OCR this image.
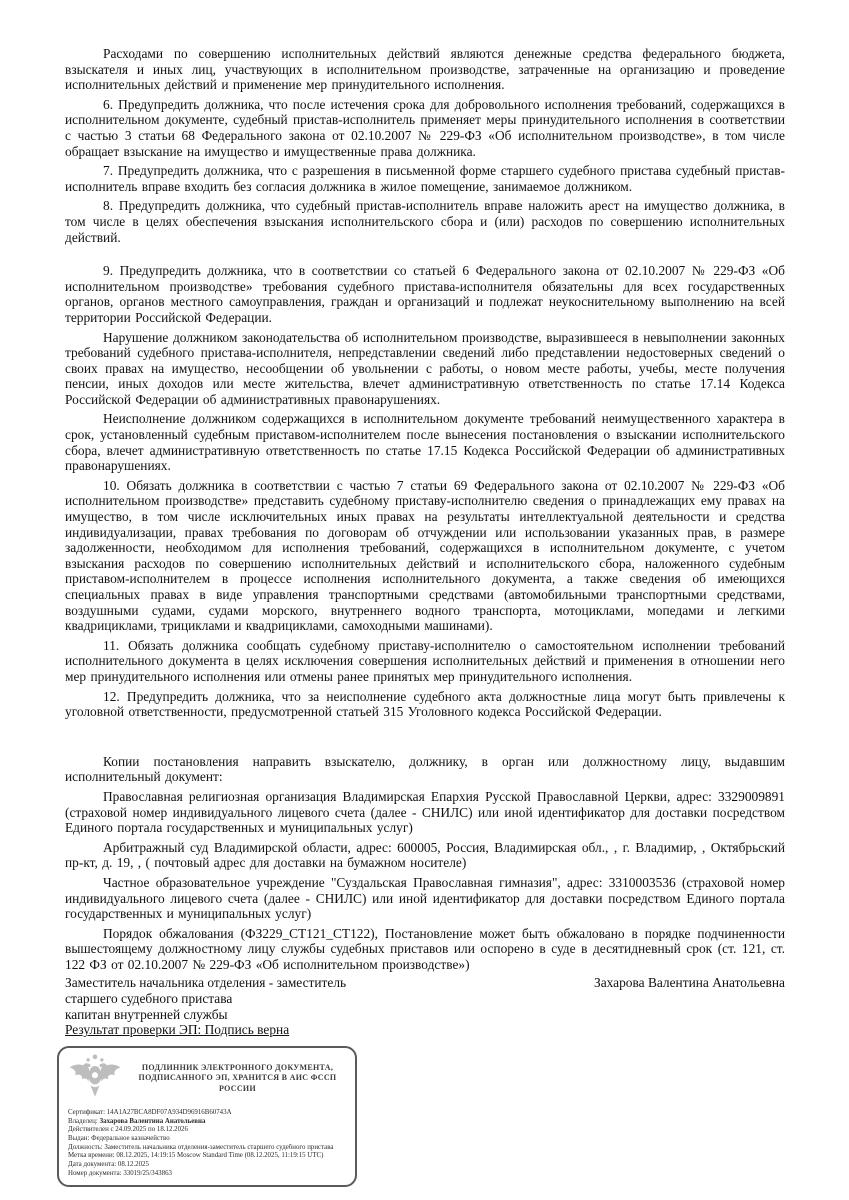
Расходами по совершению исполнительных действий являются денежные средства федерального бюджета, взыскателя и иных лиц, участвующих в исполнительном производстве, затраченные на организацию и проведение исполнительных действий и применение мер принудительного исполнения.

6. Предупредить должника, что после истечения срока для добровольного исполнения требований, содержащихся в исполнительном документе, судебный пристав-исполнитель применяет меры принудительного исполнения в соответствии с частью 3 статьи 68 Федерального закона от 02.10.2007 № 229-ФЗ «Об исполнительном производстве», в том числе обращает взыскание на имущество и имущественные права должника.

7. Предупредить должника, что с разрешения в письменной форме старшего судебного пристава судебный пристав-исполнитель вправе входить без согласия должника в жилое помещение, занимаемое должником.

8. Предупредить должника, что судебный пристав-исполнитель вправе наложить арест на имущество должника, в том числе в целях обеспечения взыскания исполнительского сбора и (или) расходов по совершению исполнительных действий.

9. Предупредить должника, что в соответствии со статьей 6 Федерального закона от 02.10.2007 № 229-ФЗ «Об исполнительном производстве» требования судебного пристава-исполнителя обязательны для всех государственных органов, органов местного самоуправления, граждан и организаций и подлежат неукоснительному выполнению на всей территории Российской Федерации.

Нарушение должником законодательства об исполнительном производстве, выразившееся в невыполнении законных требований судебного пристава-исполнителя, непредставлении сведений либо представлении недостоверных сведений о своих правах на имущество, несообщении об увольнении с работы, о новом месте работы, учебы, месте получения пенсии, иных доходов или месте жительства, влечет административную ответственность по статье 17.14 Кодекса Российской Федерации об административных правонарушениях.

Неисполнение должником содержащихся в исполнительном документе требований неимущественного характера в срок, установленный судебным приставом-исполнителем после вынесения постановления о взыскании исполнительского сбора, влечет административную ответственность по статье 17.15 Кодекса Российской Федерации об административных правонарушениях.

10. Обязать должника в соответствии с частью 7 статьи 69 Федерального закона от 02.10.2007 № 229-ФЗ «Об исполнительном производстве» представить судебному приставу-исполнителю сведения о принадлежащих ему правах на имущество, в том числе исключительных иных правах на результаты интеллектуальной деятельности и средства индивидуализации, правах требования по договорам об отчуждении или использовании указанных прав, в размере задолженности, необходимом для исполнения требований, содержащихся в исполнительном документе, с учетом взыскания расходов по совершению исполнительных действий и исполнительского сбора, наложенного судебным приставом-исполнителем в процессе исполнения исполнительного документа, а также сведения об имеющихся специальных правах в виде управления транспортными средствами (автомобильными транспортными средствами, воздушными судами, судами морского, внутреннего водного транспорта, мотоциклами, мопедами и легкими квадрициклами, трициклами и квадрициклами, самоходными машинами).

11. Обязать должника сообщать судебному приставу-исполнителю о самостоятельном исполнении требований исполнительного документа в целях исключения совершения исполнительных действий и применения в отношении него мер принудительного исполнения или отмены ранее принятых мер принудительного исполнения.

12. Предупредить должника, что за неисполнение судебного акта должностные лица могут быть привлечены к уголовной ответственности, предусмотренной статьей 315 Уголовного кодекса Российской Федерации.

Копии постановления направить взыскателю, должнику, в орган или должностному лицу, выдавшим исполнительный документ:

Православная религиозная организация Владимирская Епархия Русской Православной Церкви, адрес: 3329009891 (страховой номер индивидуального лицевого счета (далее - СНИЛС) или иной идентификатор для доставки посредством Единого портала государственных и муниципальных услуг)

Арбитражный суд Владимирской области, адрес: 600005, Россия, Владимирская обл., , г. Владимир, , Октябрьский пр-кт, д. 19, , ( почтовый адрес для доставки на бумажном носителе)

Частное образовательное учреждение "Суздальская Православная гимназия", адрес: 3310003536 (страховой номер индивидуального лицевого счета (далее - СНИЛС) или иной идентификатор для доставки посредством Единого портала государственных и муниципальных услуг)

Порядок обжалования (ФЗ229_СТ121_СТ122), Постановление может быть обжаловано в порядке подчиненности вышестоящему должностному лицу службы судебных приставов или оспорено в суде в десятидневный срок (ст. 121, ст. 122 ФЗ от 02.10.2007 № 229-ФЗ «Об исполнительном производстве»)

Заместитель начальника отделения - заместитель
старшего судебного пристава
капитан внутренней службы
Захарова Валентина Анатольевна
Результат проверки ЭП: Подпись верна
ПОДЛИННИК ЭЛЕКТРОННОГО ДОКУМЕНТА,
ПОДПИСАННОГО ЭП, ХРАНИТСЯ В АИС ФССП РОССИИ
Сертификат: 14A1A27BCA8DF07A934D96916B60743A
Владелец: Захарова Валентина Анатольевна
Действителен с 24.09.2025 по 18.12.2026
Выдан: Федеральное казначейство
Должность: Заместитель начальника отделения-заместитель старшего судебного пристава
Метка времени: 08.12.2025, 14:19:15 Moscow Standard Time (08.12.2025, 11:19:15 UTC)
Дата документа: 08.12.2025
Номер документа: 33019/25/343863
